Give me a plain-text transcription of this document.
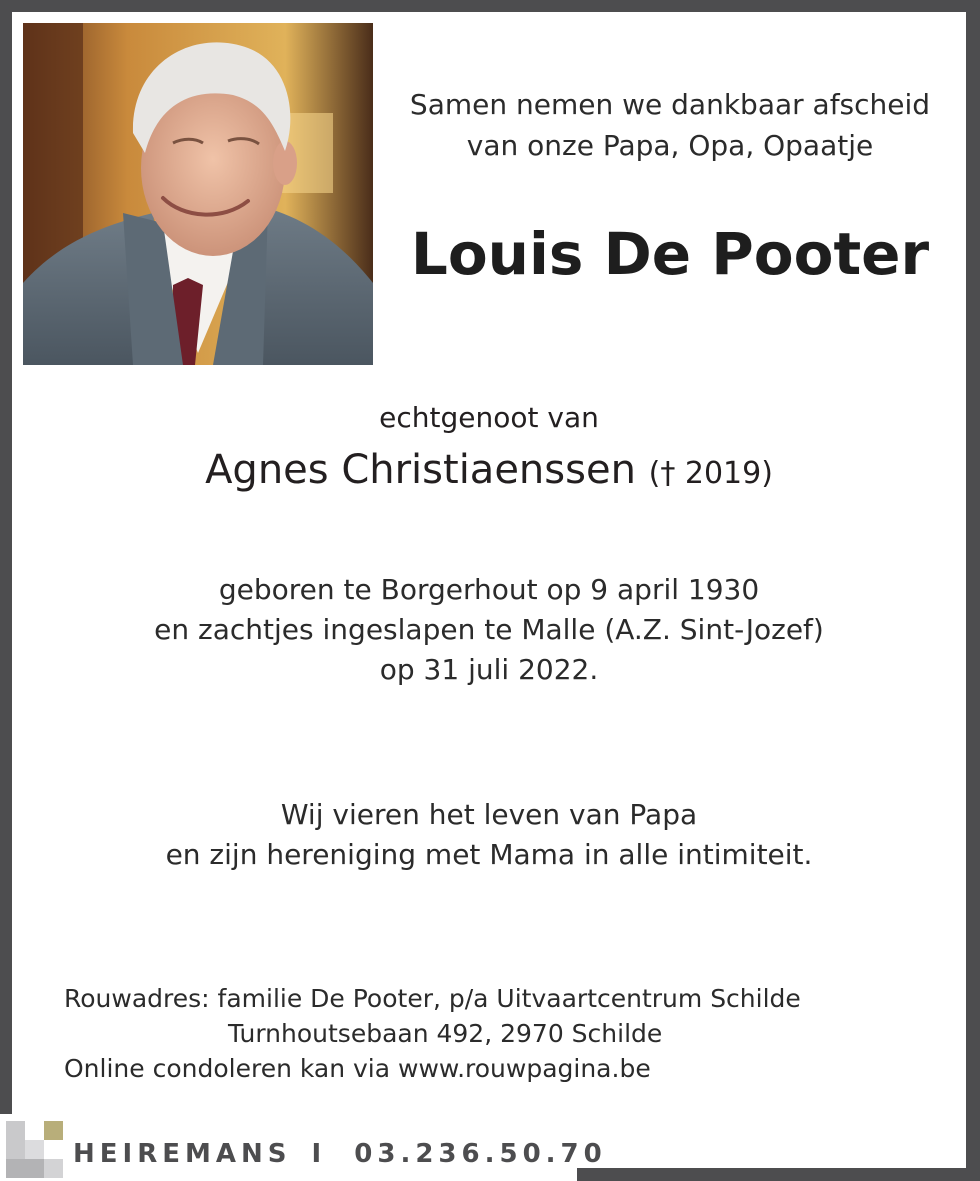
Samen nemen we dankbaar afscheid
van onze Papa, Opa, Opaatje
Louis De Pooter
echtgenoot van
Agnes Christiaenssen († 2019)
geboren te Borgerhout op 9 april 1930
en zachtjes ingeslapen te Malle (A.Z. Sint-Jozef)
op 31 juli 2022.
Wij vieren het leven van Papa
en zijn hereniging met Mama in alle intimiteit.
Rouwadres: familie De Pooter, p/a Uitvaartcentrum Schilde
Turnhoutsebaan 492, 2970 Schilde
Online condoleren kan via www.rouwpagina.be
HEIREMANS I 03.236.50.70
